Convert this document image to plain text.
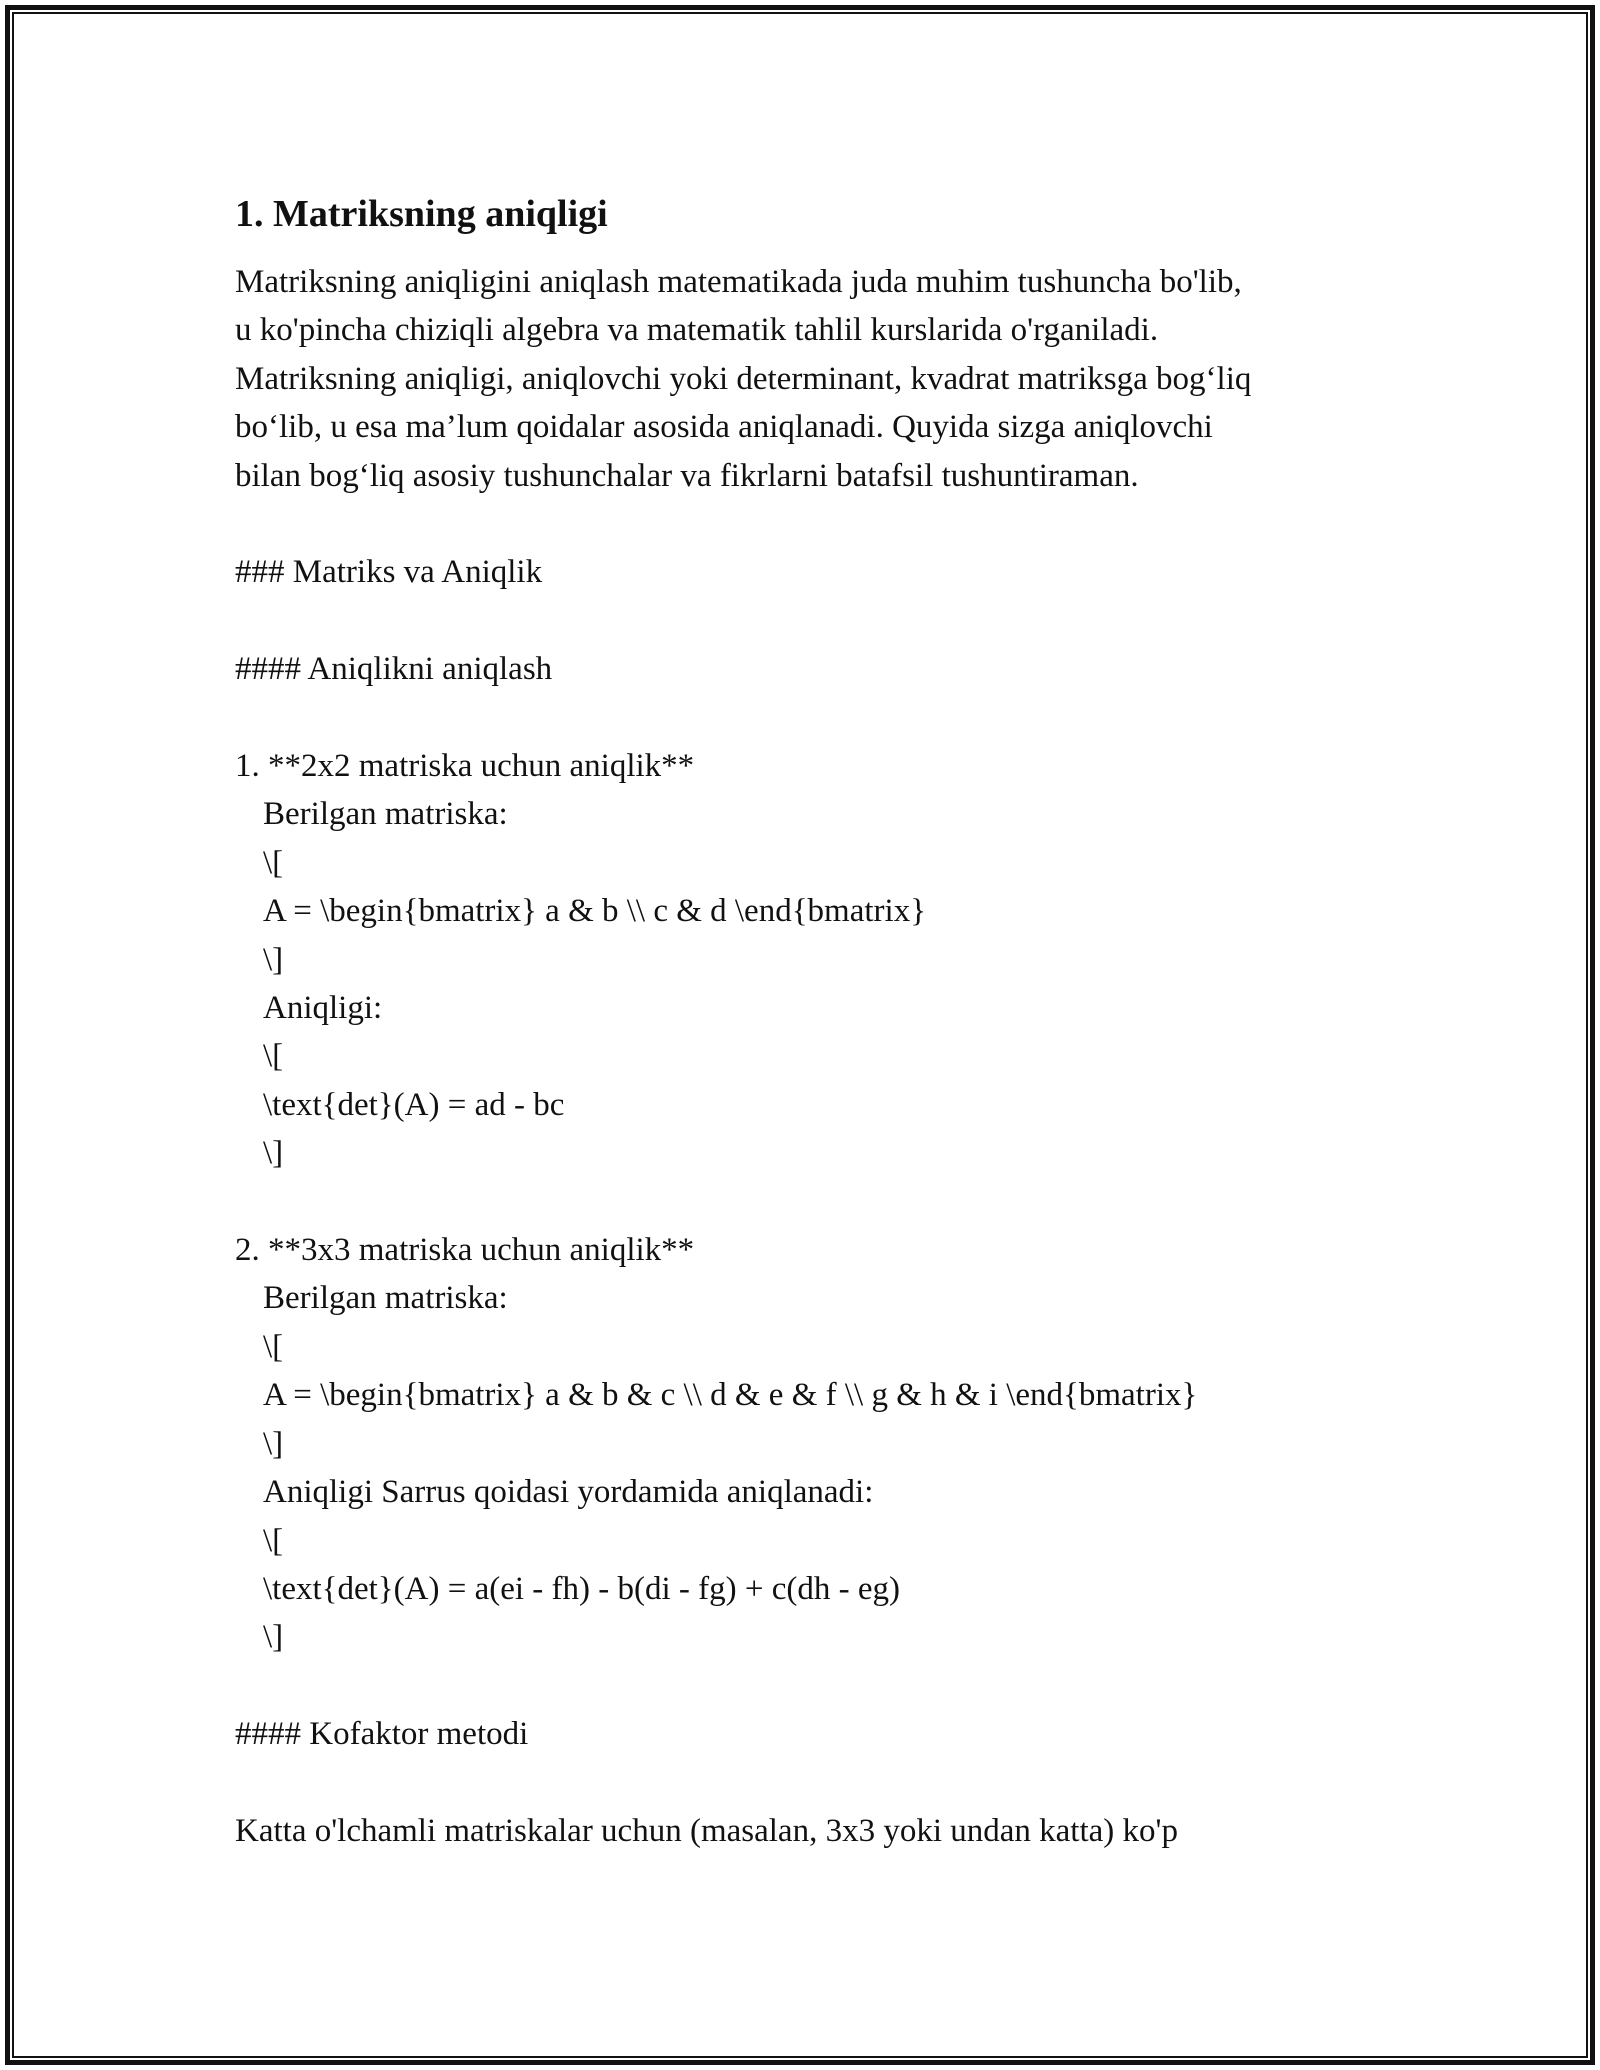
1. Matriksning aniqligi

Matriksning aniqligini aniqlash matematikada juda muhim tushuncha bo'lib,
u ko'pincha chiziqli algebra va matematik tahlil kurslarida o'rganiladi.
Matriksning aniqligi, aniqlovchi yoki determinant, kvadrat matriksga bog‘liq
bo‘lib, u esa ma’lum qoidalar asosida aniqlanadi. Quyida sizga aniqlovchi
bilan bog‘liq asosiy tushunchalar va fikrlarni batafsil tushuntiraman.

### Matriks va Aniqlik
#### Aniqlikni aniqlash
1. **2x2 matriska uchun aniqlik**
Berilgan matriska:
\[
A = \begin{bmatrix} a & b \\ c & d \end{bmatrix}
\]
Aniqligi:
\[
\text{det}(A) = ad - bc
\]
2. **3x3 matriska uchun aniqlik**
Berilgan matriska:
\[
A = \begin{bmatrix} a & b & c \\ d & e & f \\ g & h & i \end{bmatrix}
\]
Aniqligi Sarrus qoidasi yordamida aniqlanadi:
\[
\text{det}(A) = a(ei - fh) - b(di - fg) + c(dh - eg)
\]
#### Kofaktor metodi
Katta o'lchamli matriskalar uchun (masalan, 3x3 yoki undan katta) ko'p
